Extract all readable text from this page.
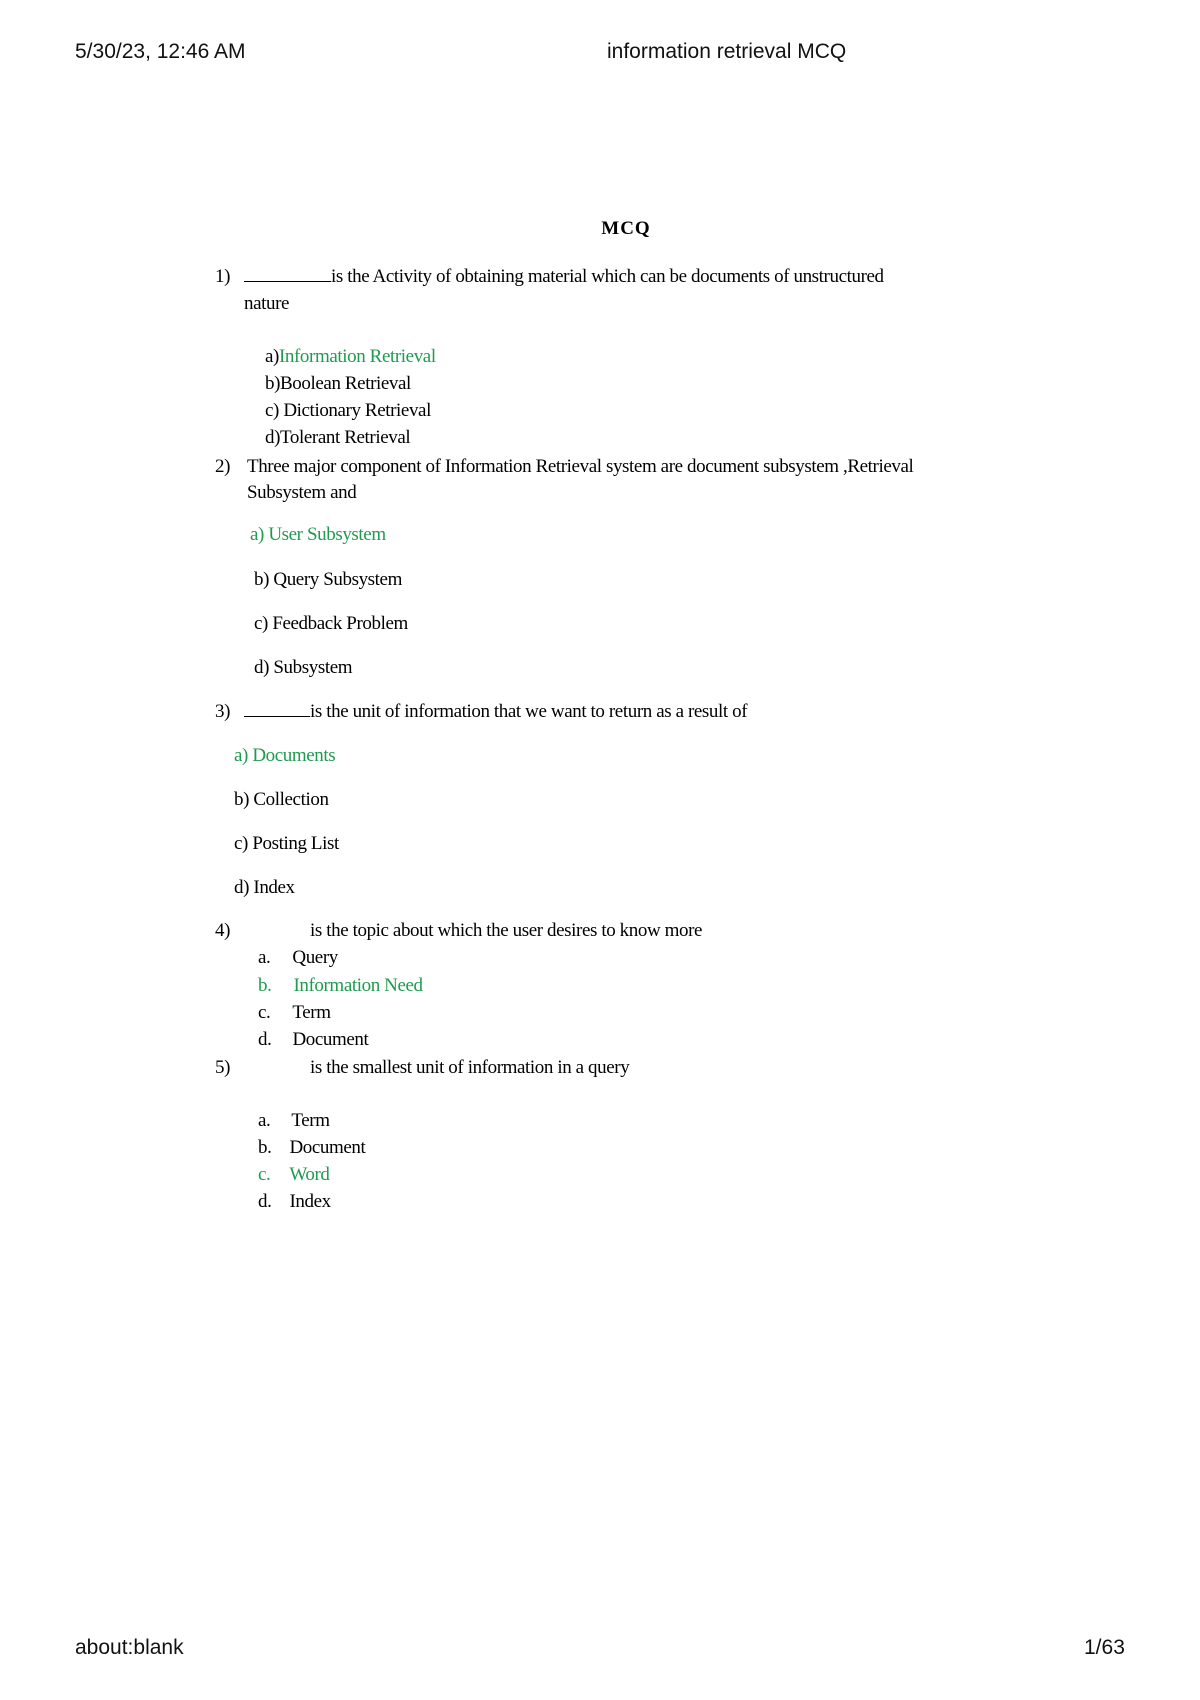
5/30/23, 12:46 AM	information retrieval MCQ
about:blank	1/63
MCQ
1)	is the Activity of obtaining material which can be documents of unstructured
nature
a)Information Retrieval
b)Boolean Retrieval
c) Dictionary Retrieval
d)Tolerant Retrieval
2) Three major component of Information Retrieval system are document subsystem ,Retrieval
Subsystem and
a) User Subsystem
b) Query Subsystem
c) Feedback Problem
d) Subsystem
3)	is the unit of information that we want to return as a result of
a) Documents
b) Collection
c) Posting List
d) Index
4)	is the topic about which the user desires to know more
a. Query
b. Information Need
c. Term
d. Document
5)	is the smallest unit of information in a query
a. Term
b. Document
c. Word
d. Index
